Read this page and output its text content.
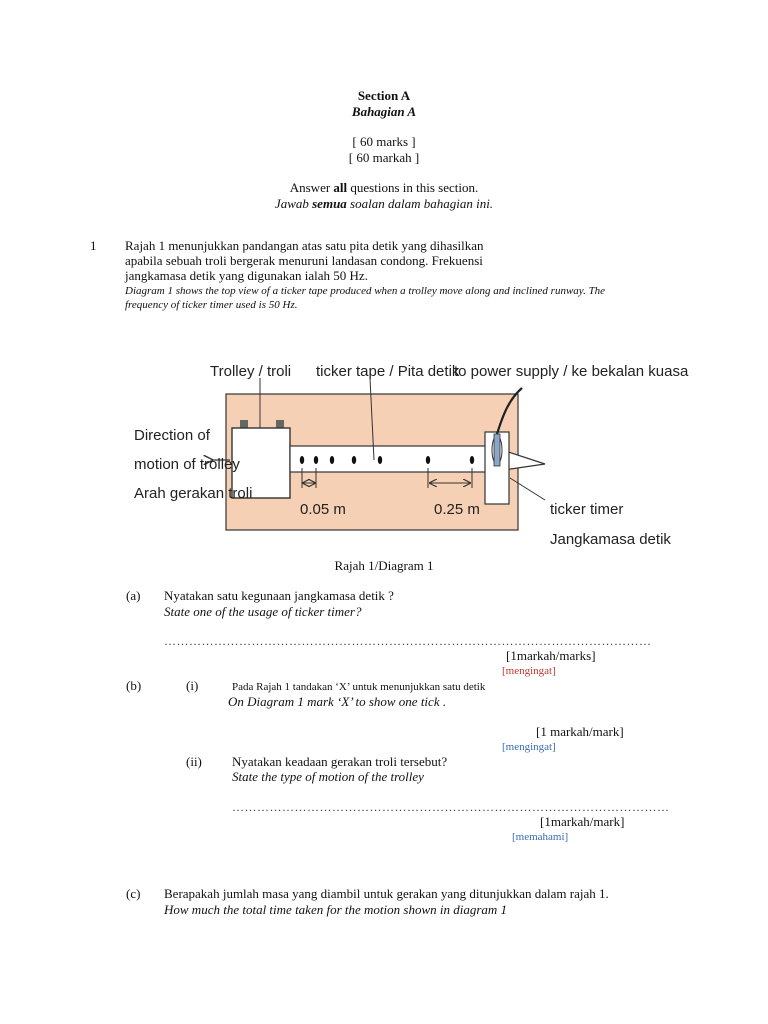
Section A
Bahagian A
[ 60 marks ]
[ 60 markah ]
Answer all questions in this section.
Jawab semua soalan dalam bahagian ini.
1 Rajah 1 menunjukkan pandangan atas satu pita detik yang dihasilkan
apabila sebuah troli bergerak menuruni landasan condong. Frekuensi
jangkamasa detik yang digunakan ialah 50 Hz.
Diagram 1 shows the top view of a ticker tape produced when a trolley move along and inclined runway. The
frequency of ticker timer used is 50 Hz.
Trolley / troli ticker tape / Pita detik
to power supply / ke bekalan kuasa
Direction of
motion of trolley
Arah gerakan troli
0.05 m	0.25 m	ticker timer
Jangkamasa detik
Rajah 1/Diagram 1
(a) Nyatakan satu kegunaan jangkamasa detik ?
State one of the usage of ticker timer?
………………………………………………………………………………………………………
[1markah/marks]
[mengingat]
(b)	(i)	Pada Rajah 1 tandakan ‘X’ untuk menunjukkan satu detik
On Diagram 1 mark ‘X’ to show one tick .
[1 markah/mark]
[mengingat]
(ii) Nyatakan keadaan gerakan troli tersebut?
State the type of motion of the trolley
……………………………………………………………………………………………
[1markah/mark]
[memahami]
(c) Berapakah jumlah masa yang diambil untuk gerakan yang ditunjukkan dalam rajah 1.
How much the total time taken for the motion shown in diagram 1
